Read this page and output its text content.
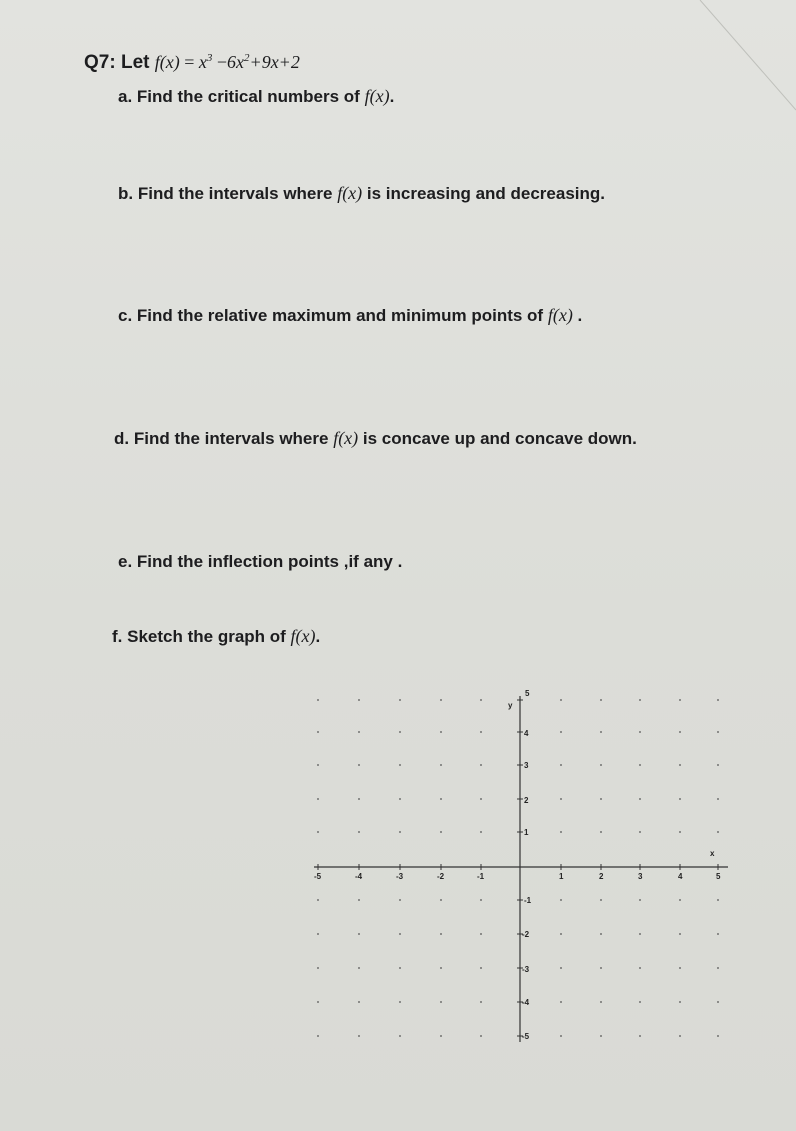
Q7: Let $f(x) = x^3 -6x^2+9x+2$
a. Find the critical numbers of f(x).
b. Find the intervals where f(x) is increasing and decreasing.
c. Find the relative maximum and minimum points of f(x) .
d. Find the intervals where f(x) is concave up and concave down.
e. Find the inflection points ,if any .
f. Sketch the graph of f(x).
y
5
x
-5	-4	-3	-2	-1	1	2	3	4	5
4
3
2
1
-1
-2
-3
-4
-5
